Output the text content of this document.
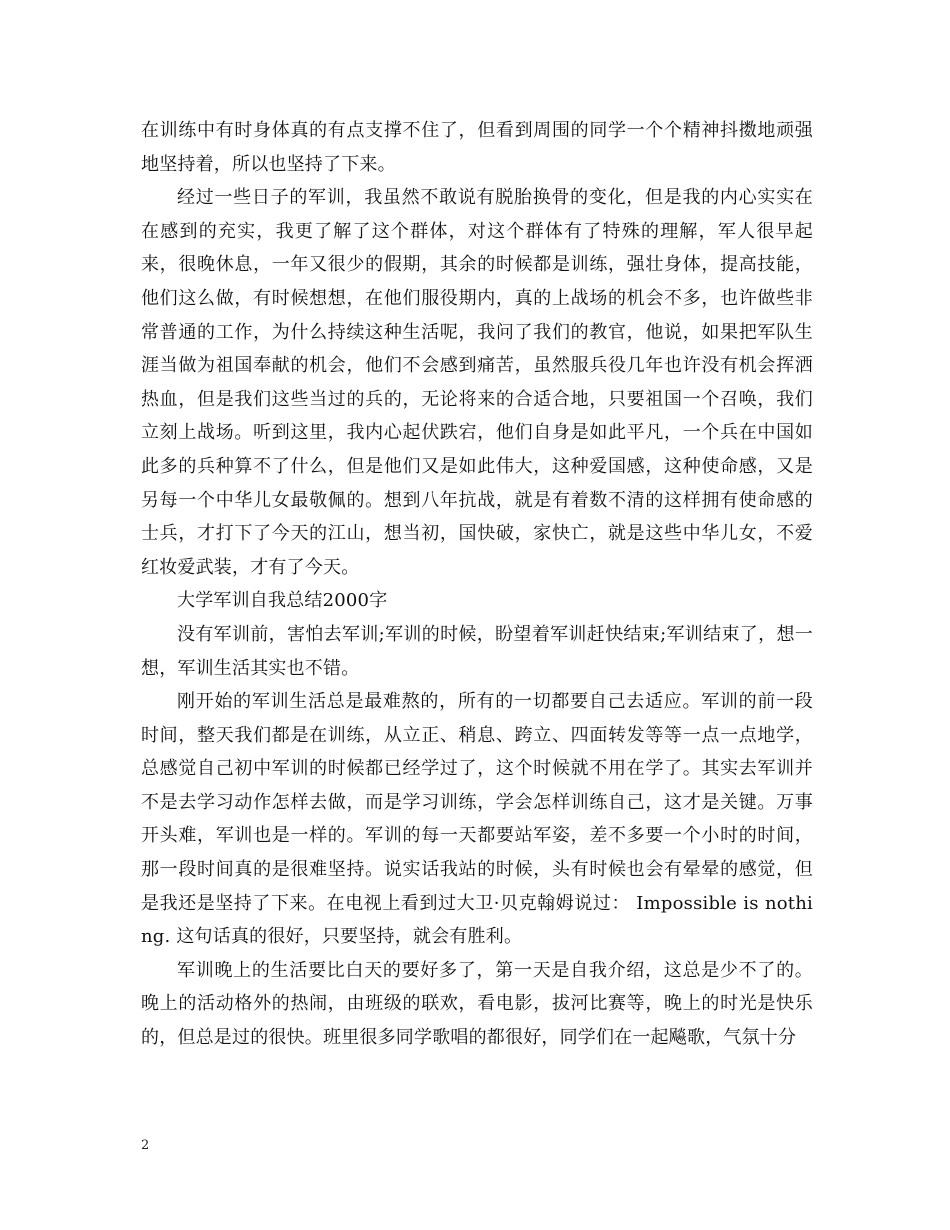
在训练中有时身体真的有点支撑不住了，但看到周围的同学一个个精神抖擞地顽强地坚持着，所以也坚持了下来。

经过一些日子的军训，我虽然不敢说有脱胎换骨的变化，但是我的内心实实在在感到的充实，我更了解了这个群体，对这个群体有了特殊的理解，军人很早起来，很晚休息，一年又很少的假期，其余的时候都是训练，强壮身体，提高技能，他们这么做，有时候想想，在他们服役期内，真的上战场的机会不多，也许做些非常普通的工作，为什么持续这种生活呢，我问了我们的教官，他说，如果把军队生涯当做为祖国奉献的机会，他们不会感到痛苦，虽然服兵役几年也许没有机会挥洒热血，但是我们这些当过的兵的，无论将来的合适合地，只要祖国一个召唤，我们立刻上战场。听到这里，我内心起伏跌宕，他们自身是如此平凡，一个兵在中国如此多的兵种算不了什么，但是他们又是如此伟大，这种爱国感，这种使命感，又是另每一个中华儿女最敬佩的。想到八年抗战，就是有着数不清的这样拥有使命感的士兵，才打下了今天的江山，想当初，国快破，家快亡，就是这些中华儿女，不爱红妆爱武装，才有了今天。

大学军训自我总结2000字

没有军训前，害怕去军训;军训的时候，盼望着军训赶快结束;军训结束了，想一想，军训生活其实也不错。

刚开始的军训生活总是最难熬的，所有的一切都要自己去适应。军训的前一段时间，整天我们都是在训练，从立正、稍息、跨立、四面转发等等一点一点地学，总感觉自己初中军训的时候都已经学过了，这个时候就不用在学了。其实去军训并不是去学习动作怎样去做，而是学习训练，学会怎样训练自己，这才是关键。万事开头难，军训也是一样的。军训的每一天都要站军姿，差不多要一个小时的时间，那一段时间真的是很难坚持。说实话我站的时候，头有时候也会有晕晕的感觉，但是我还是坚持了下来。在电视上看到过大卫·贝克翰姆说过： Impossible is nothing. 这句话真的很好，只要坚持，就会有胜利。

军训晚上的生活要比白天的要好多了，第一天是自我介绍，这总是少不了的。晚上的活动格外的热闹，由班级的联欢，看电影，拔河比赛等，晚上的时光是快乐的，但总是过的很快。班里很多同学歌唱的都很好，同学们在一起飚歌，气氛十分

2
